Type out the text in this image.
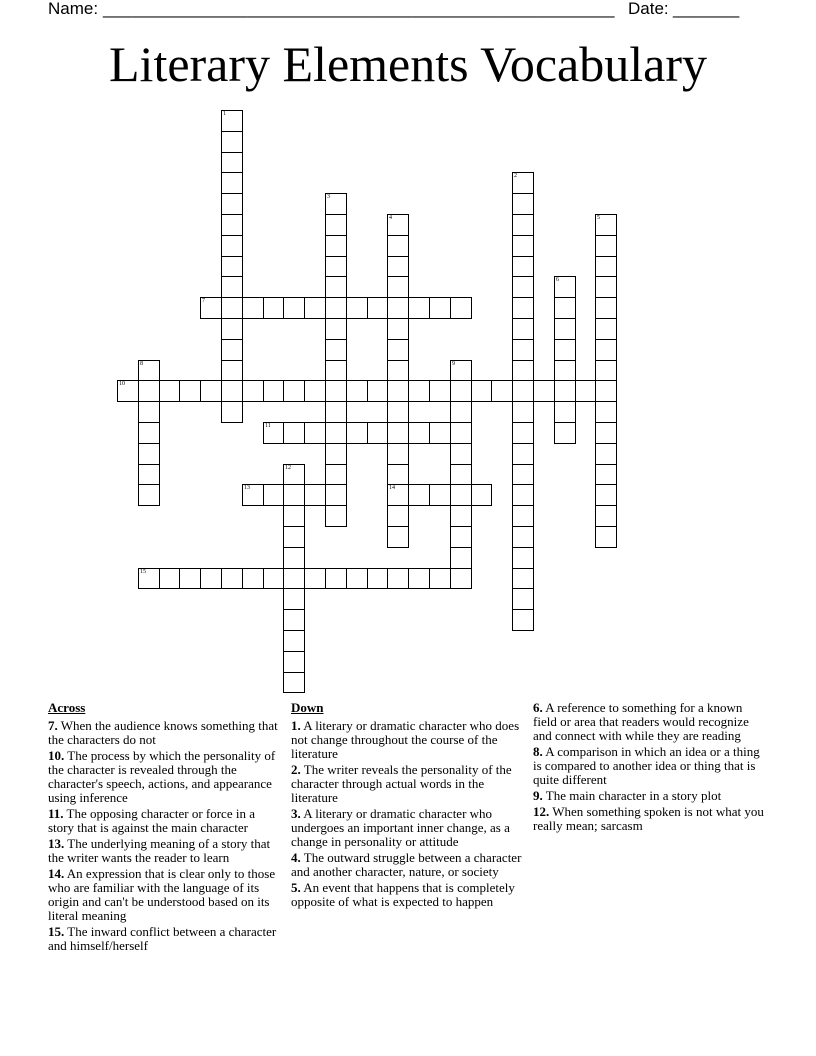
Name: _____________________________________________________ Date: _______
Literary Elements Vocabulary
1
2
3
4
14
5
6
7
8	9
10
11
12
13
15
Across
7. When the audience knows something that the characters do not
10. The process by which the personality of the character is revealed through the character's speech, actions, and appearance using inference
11. The opposing character or force in a story that is against the main character
13. The underlying meaning of a story that the writer wants the reader to learn
14. An expression that is clear only to those who are familiar with the language of its origin and can't be understood based on its literal meaning
15. The inward conflict between a character and himself/herself
Down
1. A literary or dramatic character who does not change throughout the course of the literature
2. The writer reveals the personality of the character through actual words in the literature
3. A literary or dramatic character who undergoes an important inner change, as a change in personality or attitude
4. The outward struggle between a character and another character, nature, or society
5. An event that happens that is completely opposite of what is expected to happen
6. A reference to something for a known field or area that readers would recognize and connect with while they are reading
8. A comparison in which an idea or a thing is compared to another idea or thing that is quite different
9. The main character in a story plot
12. When something spoken is not what you really mean; sarcasm
